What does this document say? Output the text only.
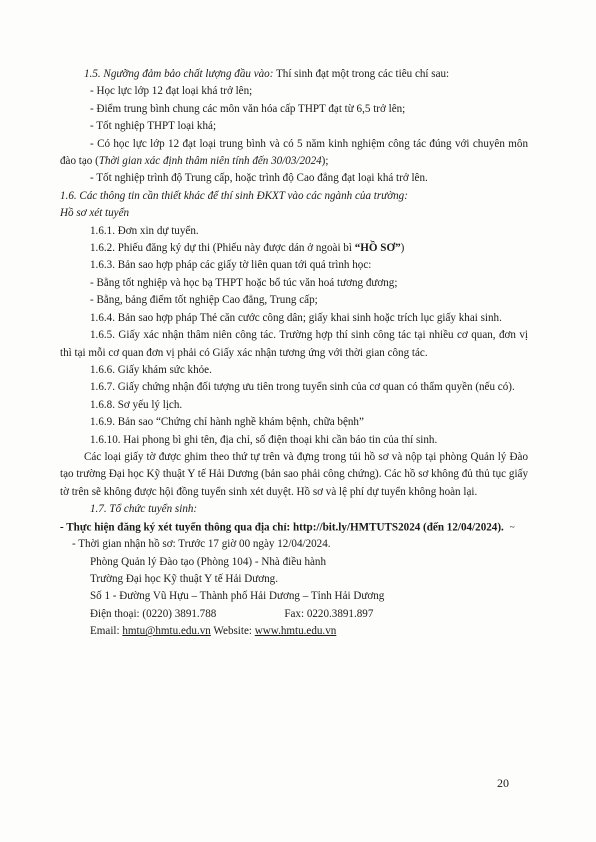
1.5. Ngưỡng đảm bảo chất lượng đầu vào: Thí sinh đạt một trong các tiêu chí sau:

- Học lực lớp 12 đạt loại khá trở lên;

- Điểm trung bình chung các môn văn hóa cấp THPT đạt từ 6,5 trở lên;

- Tốt nghiệp THPT loại khá;

- Có học lực lớp 12 đạt loại trung bình và có 5 năm kinh nghiệm công tác đúng với chuyên môn đào tạo (Thời gian xác định thâm niên tính đến 30/03/2024);

- Tốt nghiệp trình độ Trung cấp, hoặc trình độ Cao đẳng đạt loại khá trở lên.

1.6. Các thông tin cần thiết khác để thí sinh ĐKXT vào các ngành của trường:

Hồ sơ xét tuyển

1.6.1. Đơn xin dự tuyển.

1.6.2. Phiếu đăng ký dự thi (Phiếu này được dán ở ngoài bì “HỒ SƠ”)

1.6.3. Bản sao hợp pháp các giấy tờ liên quan tới quá trình học:

- Bằng tốt nghiệp và học bạ THPT hoặc bổ túc văn hoá tương đương;

- Bằng, bảng điểm tốt nghiệp Cao đẳng, Trung cấp;

1.6.4. Bản sao hợp pháp Thẻ căn cước công dân; giấy khai sinh hoặc trích lục giấy khai sinh.

1.6.5. Giấy xác nhận thâm niên công tác. Trường hợp thí sinh công tác tại nhiều cơ quan, đơn vị thì tại mỗi cơ quan đơn vị phải có Giấy xác nhận tương ứng với thời gian công tác.

1.6.6. Giấy khám sức khỏe.

1.6.7. Giấy chứng nhận đối tượng ưu tiên trong tuyển sinh của cơ quan có thẩm quyền (nếu có).

1.6.8. Sơ yếu lý lịch.

1.6.9. Bản sao “Chứng chỉ hành nghề khám bệnh, chữa bệnh”

1.6.10. Hai phong bì ghi tên, địa chỉ, số điện thoại khi cần báo tin của thí sinh.

Các loại giấy tờ được ghim theo thứ tự trên và đựng trong túi hồ sơ và nộp tại phòng Quản lý Đào tạo trường Đại học Kỹ thuật Y tế Hải Dương (bản sao phải công chứng). Các hồ sơ không đủ thủ tục giấy tờ trên sẽ không được hội đồng tuyển sinh xét duyệt. Hồ sơ và lệ phí dự tuyển không hoàn lại.

1.7. Tổ chức tuyển sinh:

- Thực hiện đăng ký xét tuyển thông qua địa chỉ: http://bit.ly/HMTUTS2024 (đến 12/04/2024). ~

- Thời gian nhận hồ sơ: Trước 17 giờ 00 ngày 12/04/2024.

Phòng Quản lý Đào tạo (Phòng 104) - Nhà điều hành

Trường Đại học Kỹ thuật Y tế Hải Dương.

Số 1 - Đường Vũ Hựu – Thành phố Hải Dương – Tỉnh Hải Dương

Điện thoại: (0220) 3891.788	Fax: 0220.3891.897

Email: hmtu@hmtu.edu.vn Website: www.hmtu.edu.vn

20
